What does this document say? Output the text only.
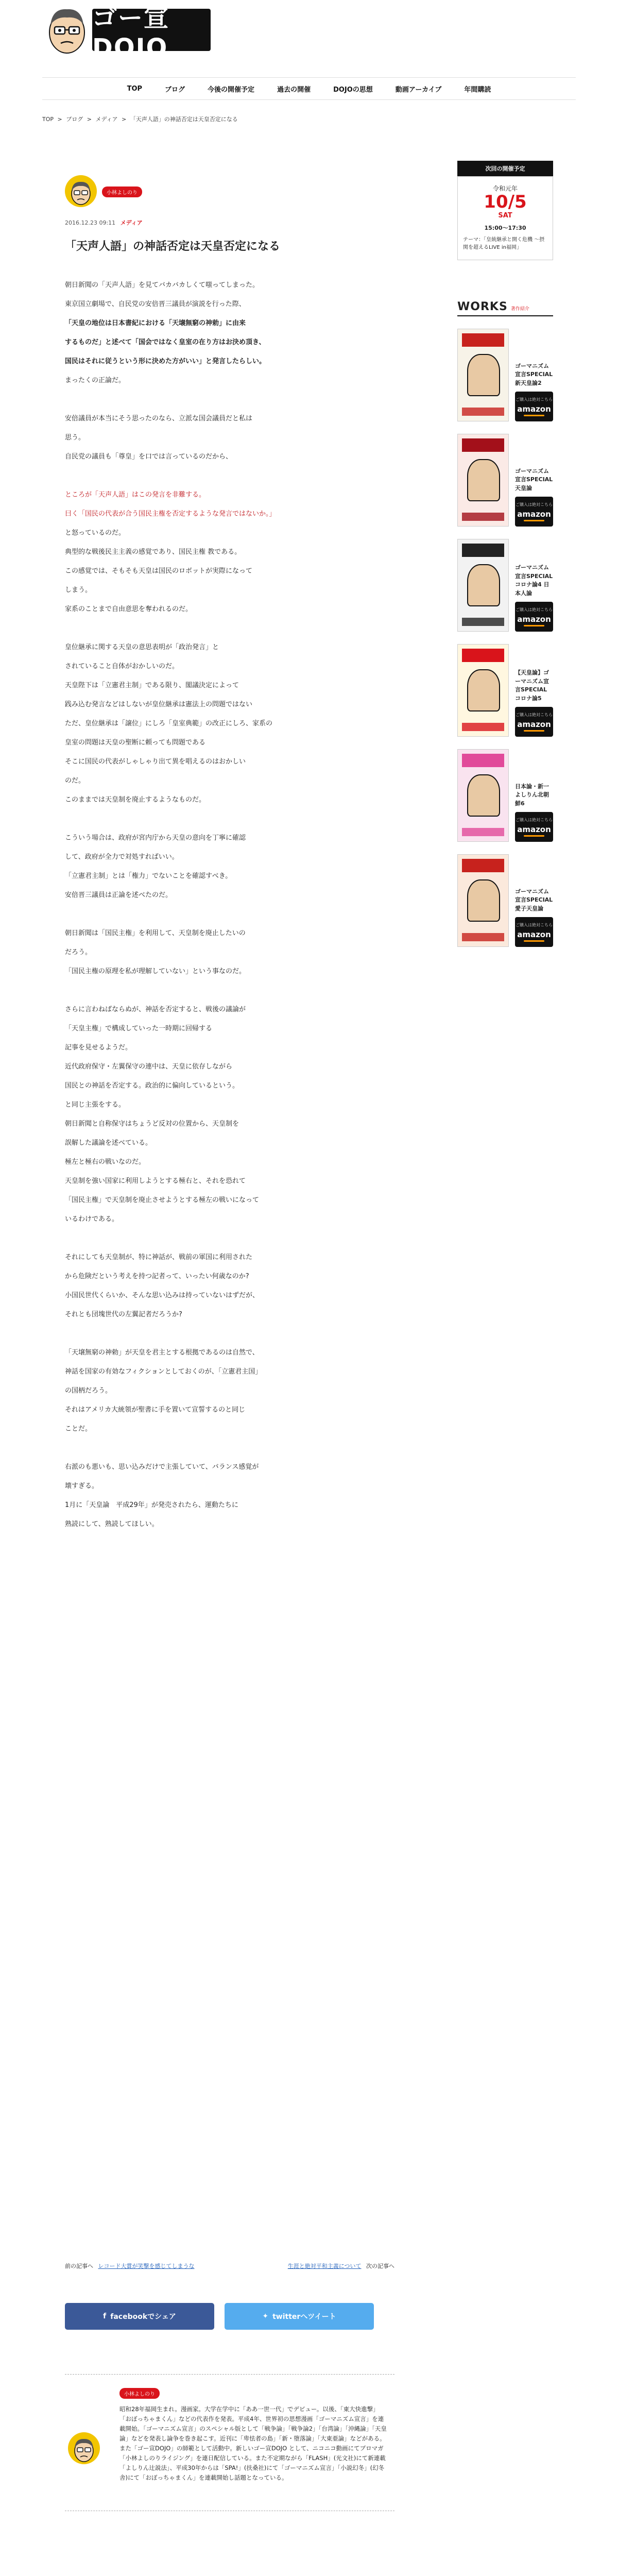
ゴー宣DOJO
TOP	ブログ	今後の開催予定	過去の開催	DOJOの思想	動画アーカイブ	年間購読
TOP > ブログ > メディア > 「天声人語」の神話否定は天皇否定になる
小林よしのり
2016.12.23 09:11 メディア
「天声人語」の神話否定は天皇否定になる

朝日新聞の「天声人語」を見てバカバカしくて嗤ってしまった。

東京国立劇場で、自民党の安倍晋三議員が演説を行った際、

「天皇の地位は日本書紀における「天壌無窮の神勅」に由来

するものだ」と述べて「国会ではなく皇室の在り方はお決め頂き、

国民はそれに従うという形に決めた方がいい」と発言したらしい。

まったくの正論だ。

安倍議員が本当にそう思ったのなら、立派な国会議員だと私は

思う。

自民党の議員も「尊皇」を口では言っているのだから、

ところが「天声人語」はこの発言を非難する。

曰く「国民の代表が合う国民主権を否定するような発言ではないか。」

と怒っているのだ。

典型的な戦後民主主義の感覚であり、国民主権 教である。

この感覚では、そもそも天皇は国民のロボットが実際になって

しまう。

家系のことまで自由意思を奪われるのだ。

皇位継承に関する天皇の意思表明が「政治発言」と

されていること自体がおかしいのだ。

天皇陛下は「立憲君主制」である限り、閣議決定によって

践み込む発言などはしないが皇位継承は憲法上の問題ではない

ただ、皇位継承は「譲位」にしろ「皇室典範」の改正にしろ、家系の

皇室の問題は天皇の聖断に頼っても問題である

そこに国民の代表がしゃしゃり出て異を唱えるのはおかしい

のだ。

このままでは天皇制を廃止するようなものだ。

こういう場合は、政府が宮内庁から天皇の意向を丁寧に確認

して、政府が全力で対処すればいい。

「立憲君主制」とは「権力」でないことを確認すべき。

安倍晋三議員は正論を述べたのだ。

朝日新聞は「国民主権」を利用して、天皇制を廃止したいの

だろう。

「国民主権の原理を私が理解していない」という事なのだ。

さらに言わねばならぬが、神話を否定すると、戦後の議論が

「天皇主権」で構成していった一時期に回帰する

記事を見せるようだ。

近代政府保守・左翼保守の連中は、天皇に依存しながら

国民との神話を否定する。政治的に偏向しているという。

と同じ主張をする。

朝日新聞と自称保守はちょうど反対の位置から、天皇制を

誤解した議論を述べている。

極左と極右の戦いなのだ。

天皇制を強い国家に利用しようとする極右と、それを恐れて

「国民主権」で天皇制を廃止させようとする極左の戦いになって

いるわけである。

それにしても天皇制が、特に神話が、戦前の軍国に利用された

から危険だという考えを持つ記者って、いったい何歳なのか?

小国民世代くらいか、そんな思い込みは持っていないはずだが、

それとも団塊世代の左翼記者だろうか?

「天壌無窮の神勅」が天皇を君主とする根拠であるのは自然で、

神話を国家の有効なフィクションとしておくのが、「立憲君主国」

の国柄だろう。

それはアメリカ大統領が聖書に手を置いて宣誓するのと同じ

ことだ。

右派のも悪いも、思い込みだけで主張していて、バランス感覚が

壊すぎる。

1月に「天皇論　平成29年」が発売されたら、運動たちに

熟読にして、熟読してほしい。

前の記事へ レコード大賞が笑撃を感じてしまうな	生涯と絶対平和主義について 次の記事へ
f facebookでシェア	✦ twitterへツイート
小林よしのり
昭和28年福岡生まれ。漫画家。大学在学中に「ああ一世一代」でデビュー。以後、「東大快進撃」「おぼっちゃまくん」などの代表作を発表。平成4年、世界初の思想漫画「ゴーマニズム宣言」を連載開始。「ゴーマニズム宣言」のスペシャル版として「戦争論」「戦争論2」「台湾論」「沖縄論」「天皇論」などを発表し論争を巻き起こす。近刊に「卑怯者の島」「新・堕落論」「大東亜論」などがある。また「ゴー宣DOJO」の師範として活動中。新しいゴー宣DOJO として、ニコニコ動画にてブロマガ「小林よしのりライジング」を連日配信している。また不定期ながら「FLASH」(光文社)にて新連載「よしりん辻説法」、平成30年からは「SPA!」(扶桑社)にて「ゴーマニズム宣言」「小説幻冬」(幻冬舎)にて「おぼっちゃまくん」を連載開始し話題となっている。
次回の開催予定
令和元年
10/5
SAT
15:00〜17:30
テーマ：「皇統継承と開く危機 〜摂関を超えるLIVE in福岡」
WORKS 著作紹介
ゴーマニズム宣言SPECIAL 新天皇論2
ご購入は絶対こちら
amazon
ゴーマニズム宣言SPECIAL 天皇論
ご購入は絶対こちら
amazon
ゴーマニズム宣言SPECIAL コロナ論4 日本人論
ご購入は絶対こちら
amazon
【天皇論】ゴーマニズム宣言SPECIAL コロナ論5
ご購入は絶対こちら
amazon
日本論・新一よしりん北朝鮮6
ご購入は絶対こちら
amazon
ゴーマニズム宣言SPECIAL 愛子天皇論
ご購入は絶対こちら
amazon
